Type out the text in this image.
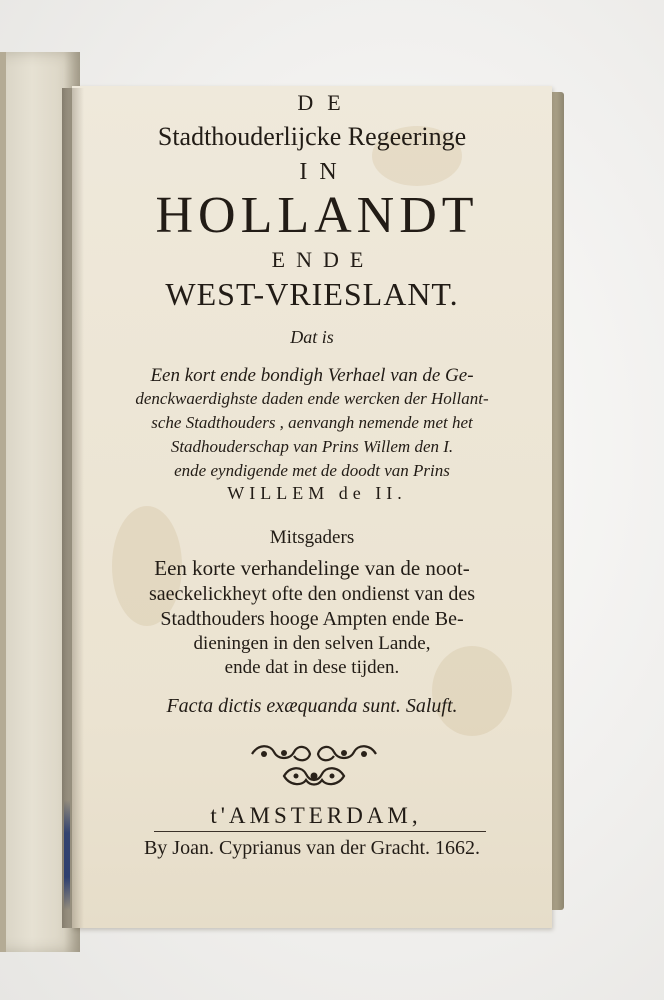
DE
Stadthouderlijcke Regeeringe
IN
HOLLANDT
ENDE
WEST-VRIESLANT.
Dat is
Een kort ende bondigh Verhael van de Ge-
denckwaerdighste daden ende wercken der Hollant-
sche Stadthouders , aenvangh nemende met het
Stadhouderschap van Prins Willem den I.
ende eyndigende met de doodt van Prins
WILLEM de II.
Mitsgaders
Een korte verhandelinge van de noot-
saeckelickheyt ofte den ondienst van des
Stadthouders hooge Ampten ende Be-
dieningen in den selven Lande,
ende dat in dese tijden.
Facta dictis exæquanda sunt. Saluft.
t'AMSTERDAM,
By Joan. Cyprianus van der Gracht. 1662.
